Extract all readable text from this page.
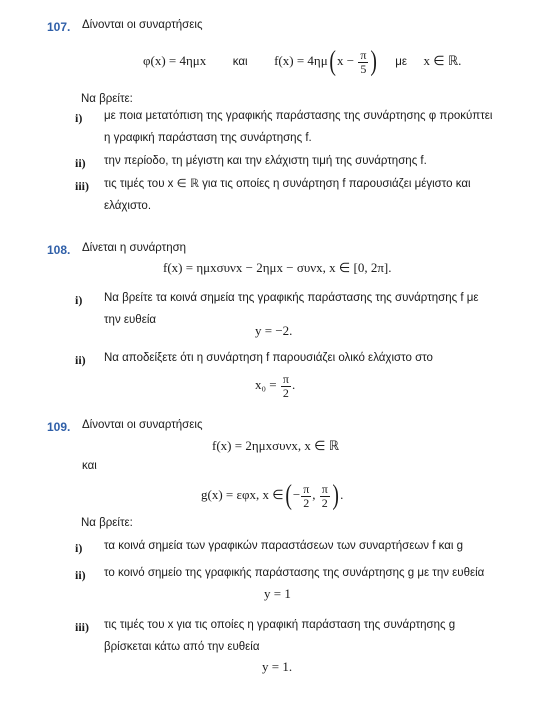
107. Δίνονται οι συναρτήσεις
φ(x) = 4ημx και $f(x) = 4\eta\mu(x - \frac{\pi}{5}$ ) με x ∈ ℝ.
Να βρείτε:
i) με ποια μετατόπιση της γραφικής παράστασης της συνάρτησης φ προκύπτει
η γραφική παράσταση της συνάρτησης f.
ii) την περίοδο, τη μέγιστη και την ελάχιστη τιμή της συνάρτησης f.
iii) τις τιμές του x ∈ ℝ για τις οποίες η συνάρτηση f παρουσιάζει μέγιστο και
ελάχιστο.
108. Δίνεται η συνάρτηση
f(x) = ημxσυνx − 2ημx − συνx, x ∈ [0, 2π].
i) Να βρείτε τα κοινά σημεία της γραφικής παράστασης της συνάρτησης f με
την ευθεία
y = −2.
ii) Να αποδείξετε ότι η συνάρτηση f παρουσιάζει ολικό ελάχιστο στο
$x_0 = \frac{\pi}{2}$ .
109. Δίνονται οι συναρτήσεις
f(x) = 2ημxσυνx, x ∈ ℝ
και
g(x) = εφx, x ∈(− $\frac{\pi}{2}$ , $\frac{\pi}{2}$ ).
Να βρείτε:
i) τα κοινά σημεία των γραφικών παραστάσεων των συναρτήσεων f και g
ii) το κοινό σημείο της γραφικής παράστασης της συνάρτησης g με την ευθεία
y = 1
iii) τις τιμές του x για τις οποίες η γραφική παράσταση της συνάρτησης g
βρίσκεται κάτω από την ευθεία
y = 1.
